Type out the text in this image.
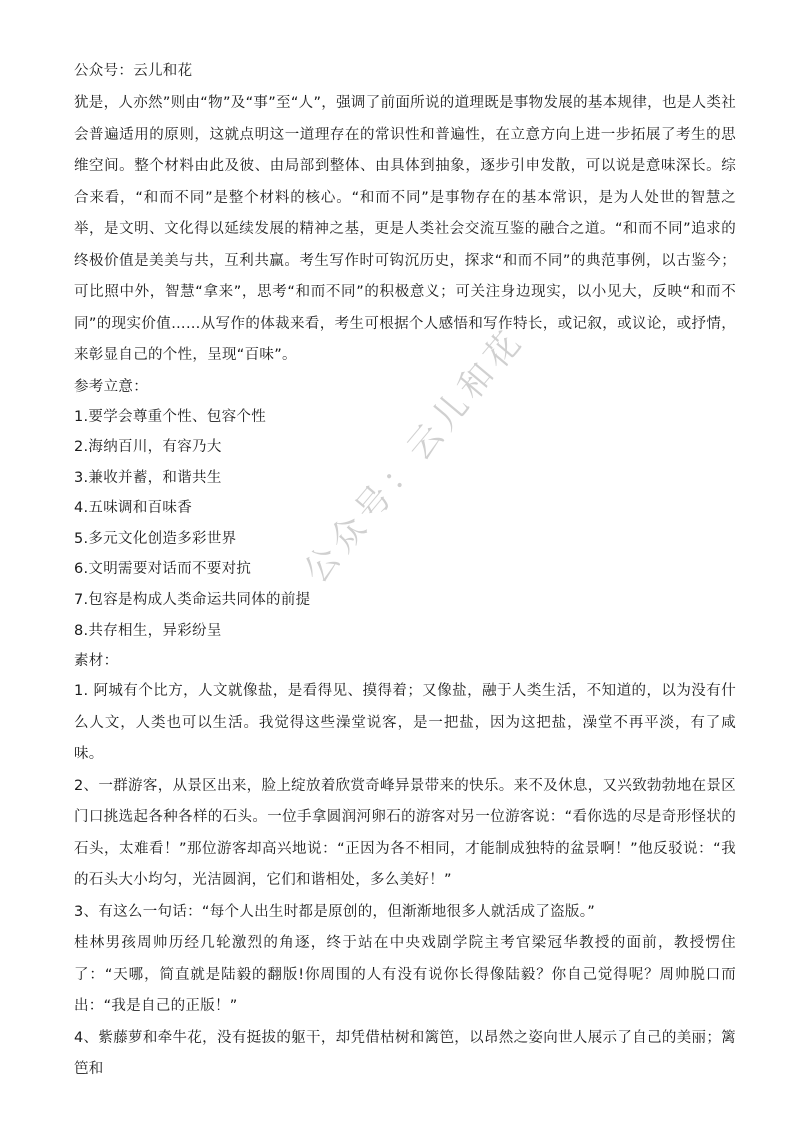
公众号：云儿和花

犹是，人亦然”则由“物”及“事”至“人”，强调了前面所说的道理既是事物发展的基本规律，也是人类社会普遍适用的原则，这就点明这一道理存在的常识性和普遍性，在立意方向上进一步拓展了考生的思维空间。整个材料由此及彼、由局部到整体、由具体到抽象，逐步引申发散，可以说是意味深长。综合来看，“和而不同”是整个材料的核心。“和而不同”是事物存在的基本常识，是为人处世的智慧之举，是文明、文化得以延续发展的精神之基，更是人类社会交流互鉴的融合之道。“和而不同”追求的终极价值是美美与共，互利共赢。考生写作时可钩沉历史，探求“和而不同”的典范事例，以古鉴今；可比照中外，智慧“拿来”，思考“和而不同”的积极意义；可关注身边现实，以小见大，反映“和而不同”的现实价值……从写作的体裁来看，考生可根据个人感悟和写作特长，或记叙，或议论，或抒情，来彰显自己的个性，呈现“百味”。

参考立意：

1.要学会尊重个性、包容个性

2.海纳百川，有容乃大

3.兼收并蓄，和谐共生

4.五味调和百味香

5.多元文化创造多彩世界

6.文明需要对话而不要对抗

7.包容是构成人类命运共同体的前提

8.共存相生，异彩纷呈

素材：

1. 阿城有个比方，人文就像盐，是看得见、摸得着；又像盐，融于人类生活，不知道的，以为没有什么人文，人类也可以生活。我觉得这些澡堂说客，是一把盐，因为这把盐，澡堂不再平淡，有了咸味。

2、一群游客，从景区出来，脸上绽放着欣赏奇峰异景带来的快乐。来不及休息，又兴致勃勃地在景区门口挑选起各种各样的石头。一位手拿圆润河卵石的游客对另一位游客说：“看你选的尽是奇形怪状的石头，太难看！”那位游客却高兴地说：“正因为各不相同，才能制成独特的盆景啊！”他反驳说：“我的石头大小均匀，光洁圆润，它们和谐相处，多么美好！”

3、有这么一句话：“每个人出生时都是原创的，但渐渐地很多人就活成了盗版。”

桂林男孩周帅历经几轮激烈的角逐，终于站在中央戏剧学院主考官梁冠华教授的面前，教授愣住了：“天哪，简直就是陆毅的翻版!你周围的人有没有说你长得像陆毅？你自己觉得呢？周帅脱口而出：“我是自己的正版！”

4、紫藤萝和牵牛花，没有挺拔的躯干，却凭借枯树和篱笆，以昂然之姿向世人展示了自己的美丽；篱笆和

公众号：云儿和花
